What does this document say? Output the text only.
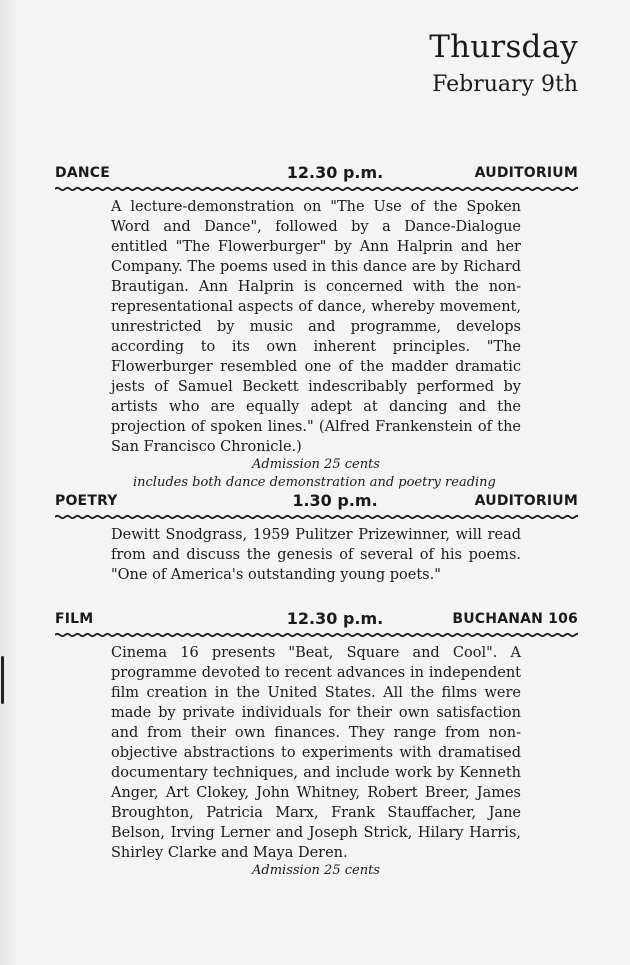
Thursday
February 9th
DANCE	12.30 p.m.	AUDITORIUM
A lecture-demonstration on "The Use of the Spoken Word and Dance", followed by a Dance-Dialogue entitled "The Flowerburger" by Ann Halprin and her Company. The poems used in this dance are by Richard Brautigan. Ann Halprin is concerned with the non-representational aspects of dance, whereby movement, unrestricted by music and programme, develops according to its own inherent principles. "The Flowerburger resembled one of the madder dramatic jests of Samuel Beckett indescribably performed by artists who are equally adept at dancing and the projection of spoken lines." (Alfred Frankenstein of the San Francisco Chronicle.)
Admission 25 cents
includes both dance demonstration and poetry reading
POETRY	1.30 p.m.	AUDITORIUM
Dewitt Snodgrass, 1959 Pulitzer Prizewinner, will read from and discuss the genesis of several of his poems. "One of America's outstanding young poets."
FILM	12.30 p.m.	BUCHANAN 106
Cinema 16 presents "Beat, Square and Cool". A programme devoted to recent advances in independent film creation in the United States. All the films were made by private individuals for their own satisfaction and from their own finances. They range from non-objective abstractions to experiments with dramatised documentary techniques, and include work by Kenneth Anger, Art Clokey, John Whitney, Robert Breer, James Broughton, Patricia Marx, Frank Stauffacher, Jane Belson, Irving Lerner and Joseph Strick, Hilary Harris, Shirley Clarke and Maya Deren.
Admission 25 cents
